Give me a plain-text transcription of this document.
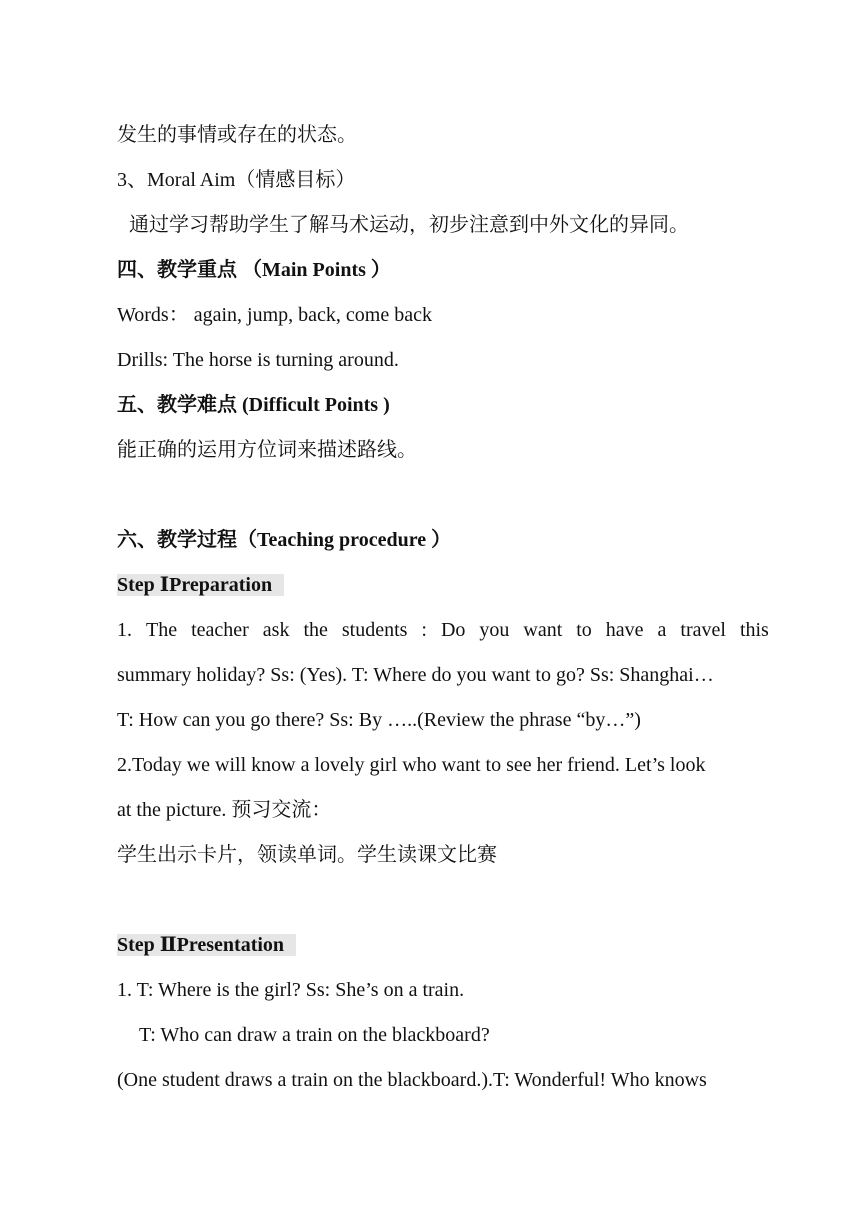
发生的事情或存在的状态。
3、Moral Aim（情感目标）
通过学习帮助学生了解马术运动，初步注意到中外文化的异同。
四、教学重点 （Main Points ）
Words： again, jump, back, come back
Drills: The horse is turning around.
五、教学难点 (Difficult Points )
能正确的运用方位词来描述路线。
六、教学过程（Teaching procedure ）
Step ⅠPreparation
1. The teacher ask the students : Do you want to have a travel this
summary holiday? Ss: (Yes). T: Where do you want to go? Ss: Shanghai…
T: How can you go there? Ss: By …..(Review the phrase “by…”)
2.Today we will know a lovely girl who want to see her friend. Let’s look
at the picture. 预习交流：
学生出示卡片，领读单词。学生读课文比赛
Step ⅡPresentation
1. T: Where is the girl? Ss: She’s on a train.
T: Who can draw a train on the blackboard?
(One student draws a train on the blackboard.).T: Wonderful! Who knows
